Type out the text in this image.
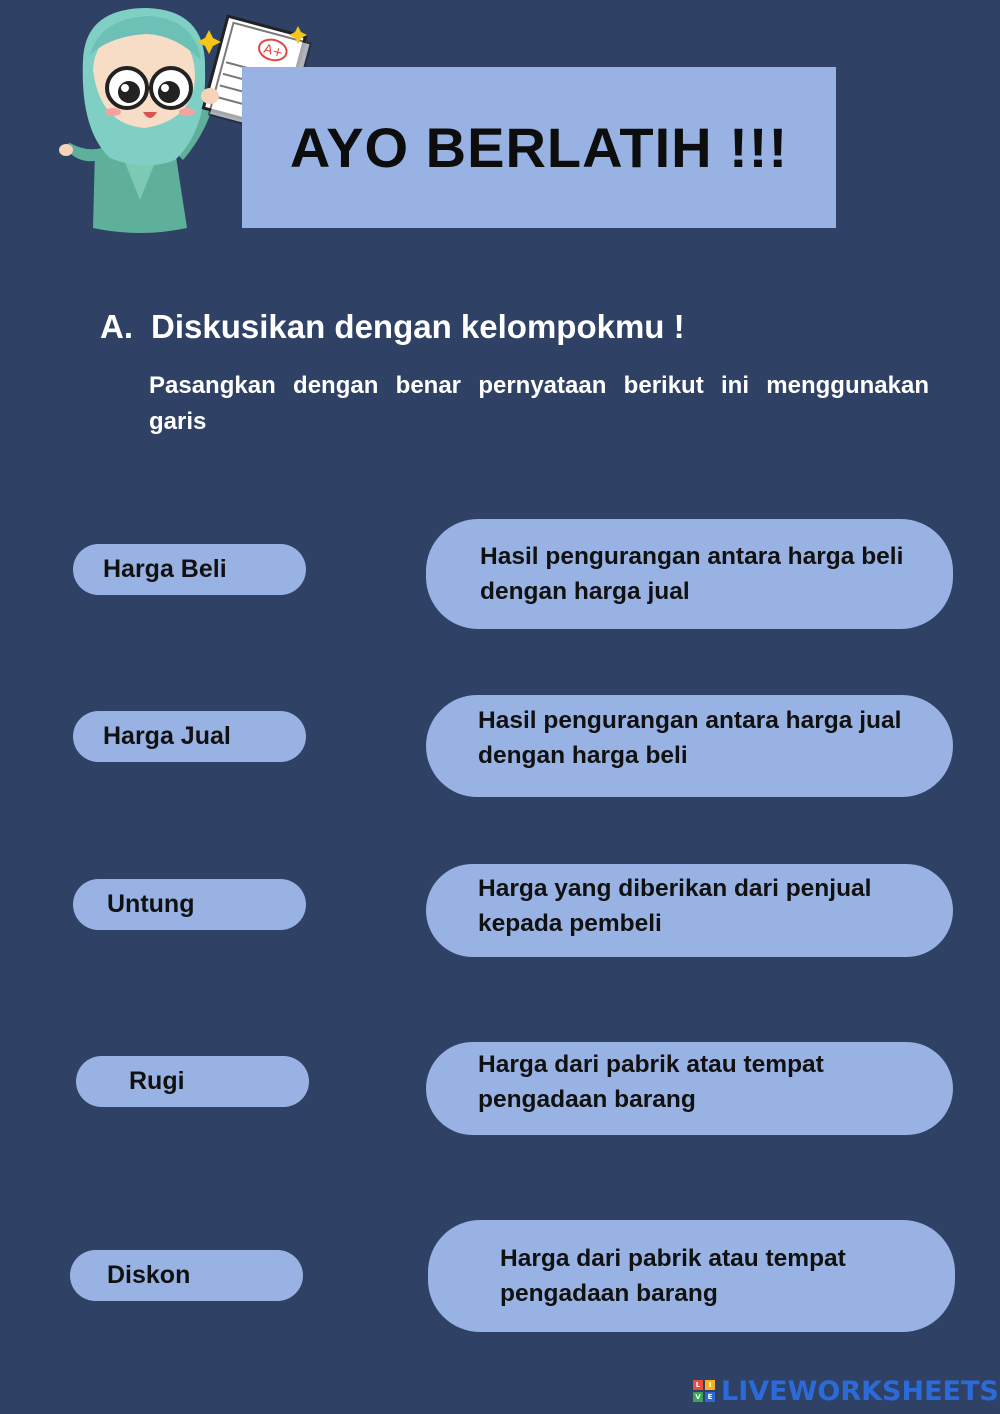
A+
AYO BERLATIH !!!
A. Diskusikan dengan kelompokmu !
Pasangkan dengan benar pernyataan berikut ini menggunakan garis
Harga Beli
Harga Jual
Untung
Rugi
Diskon
Hasil pengurangan antara harga beli dengan harga jual
Hasil pengurangan antara harga jual dengan harga beli
Harga yang diberikan dari penjual kepada pembeli
Harga dari pabrik atau tempat pengadaan barang
Harga dari pabrik atau tempat pengadaan barang
L	I
V E LIVEWORKSHEETS
